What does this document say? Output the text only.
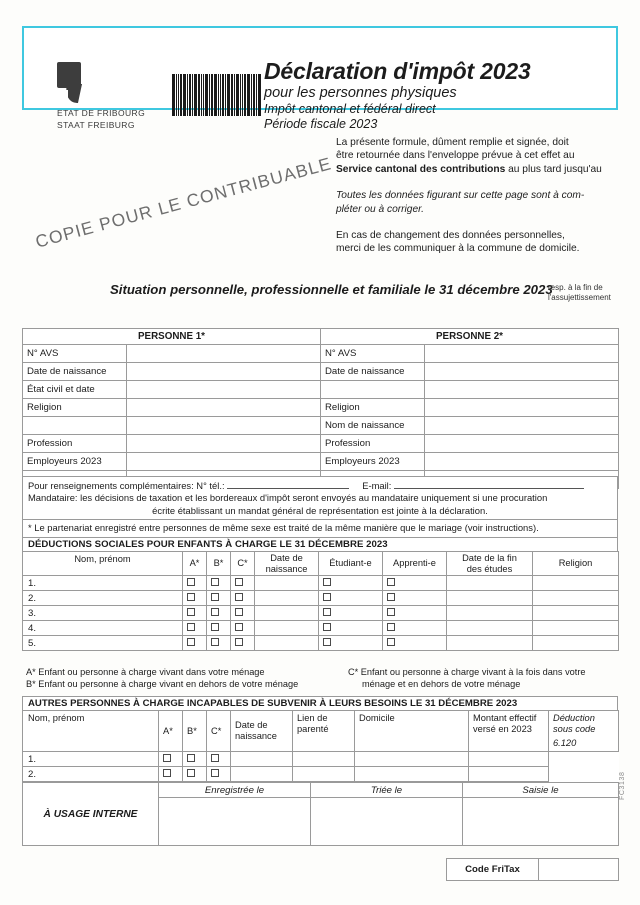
ETAT DE FRIBOURG
STAAT FREIBURG
Déclaration d'impôt 2023
pour les personnes physiques
Impôt cantonal et fédéral direct
Période fiscale 2023

La présente formule, dûment remplie et signée, doit

être retournée dans l'enveloppe prévue à cet effet au

Service cantonal des contributions au plus tard jusqu'au

Toutes les données figurant sur cette page sont à com-

pléter ou à corriger.

En cas de changement des données personnelles,

merci de les communiquer à la commune de domicile.

COPIE POUR LE CONTRIBUABLE
Situation personnelle, professionnelle et familiale le 31 décembre 2023
resp. à la fin de
l'assujettissement
PERSONNE 1*		PERSONNE 2*	
N° AVS		N° AVS	
Date de naissance		Date de naissance	
État civil et date			
Religion		Religion	
		Nom de naissance	
Profession		Profession	
Employeurs 2023		Employeurs 2023	

Pour renseignements complémentaires: N° tél.:	E-mail:
Mandataire: les décisions de taxation et les bordereaux d'impôt seront envoyés au mandataire uniquement si une procuration
écrite établissant un mandat général de représentation est jointe à la déclaration.

* Le partenariat enregistré entre personnes de même sexe est traité de la même manière que le mariage (voir instructions).
DÉDUCTIONS SOCIALES POUR ENFANTS À CHARGE LE 31 DÉCEMBRE 2023
Nom, prénom	A*	B*	C*	Date de
naissance	Étudiant-e	Apprenti-e	Date de la fin
des études	Religion
1.								
2.								
3.								
4.								
5.								
A* Enfant ou personne à charge vivant dans votre ménage
B* Enfant ou personne à charge vivant en dehors de votre ménage
C* Enfant ou personne à charge vivant à la fois dans votre
ménage et en dehors de votre ménage
AUTRES PERSONNES À CHARGE INCAPABLES DE SUBVENIR À LEURS BESOINS LE 31 DÉCEMBRE 2023
Nom, prénom	A*	B*	C*	Date de
naissance	Lien de
parenté	Domicile	Montant effectif
versé en 2023	
Déduction
sous code
6.120

1.								
2.								
À USAGE INTERNE	Enregistrée le	Triée le	Saisie le

Code FriTax	
FC3138
